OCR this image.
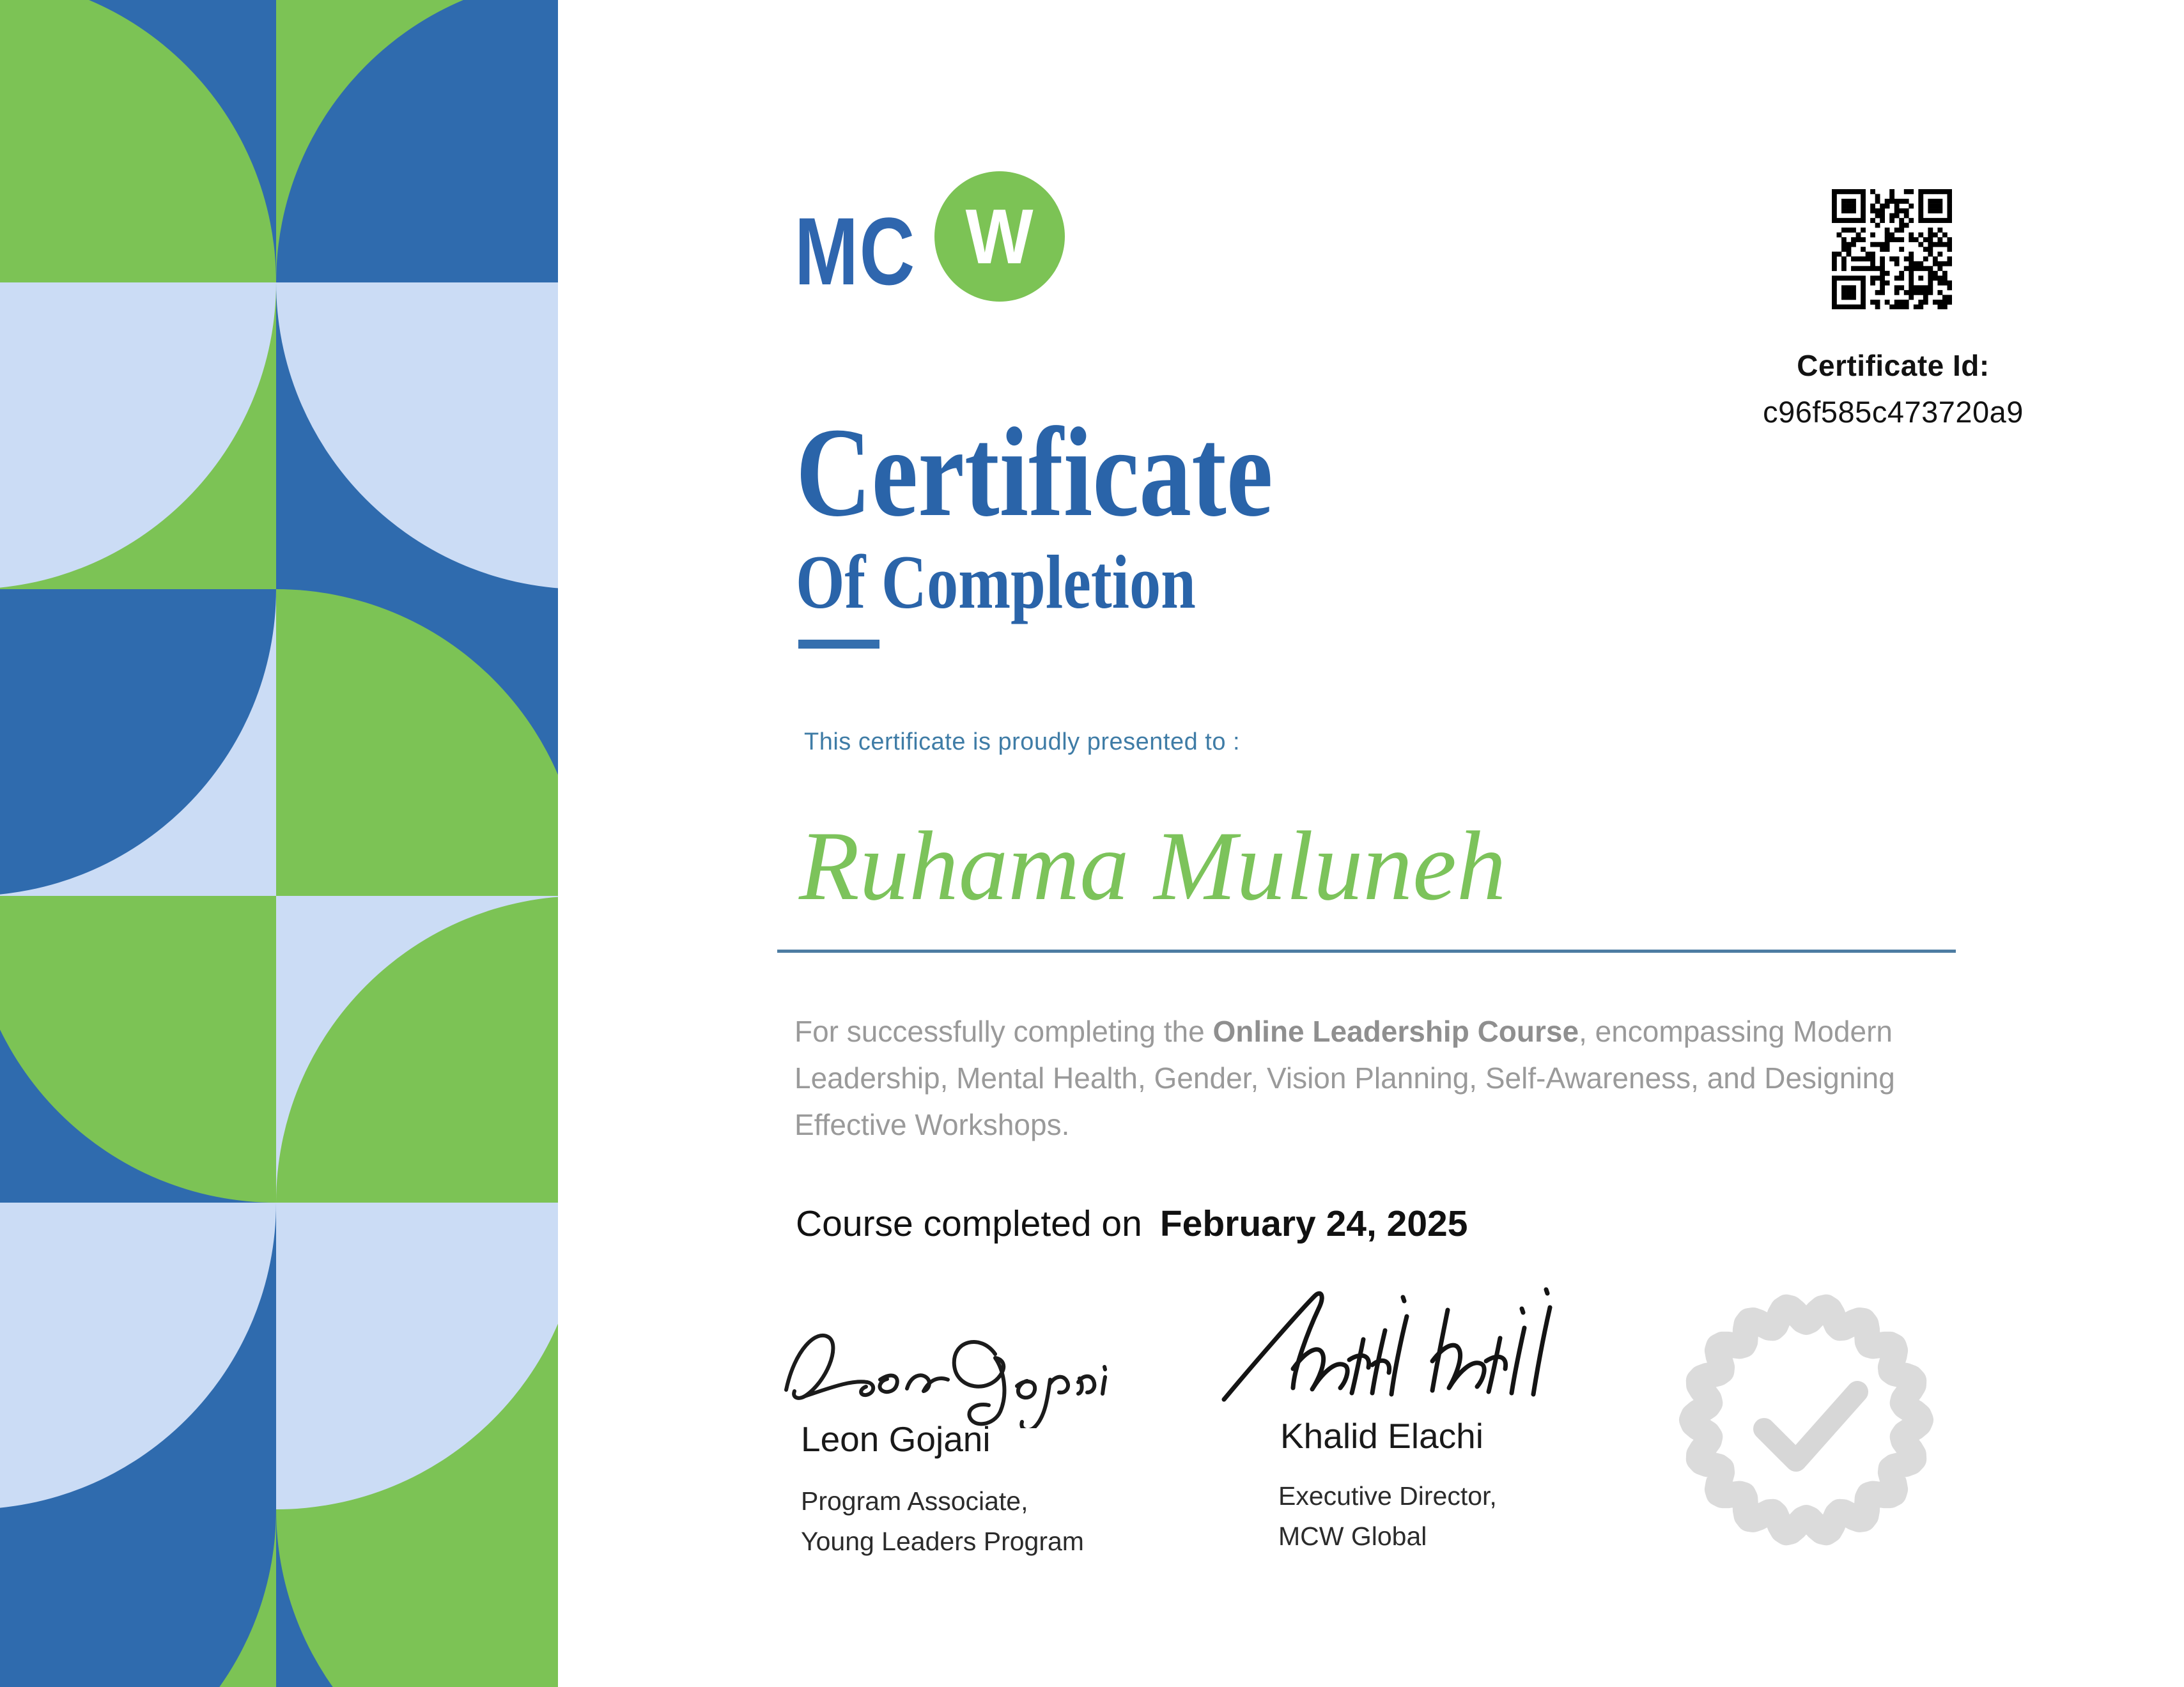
MC W
Certificate Id:
c96f585c473720a9
Certificate
Of Completion
This certificate is proudly presented to :
Ruhama Muluneh

For successfully completing the Online Leadership Course, encompassing Modern Leadership, Mental Health, Gender, Vision Planning, Self-Awareness, and Designing Effective Workshops.

Course completed on February 24, 2025
Leon Gojani	Khalid Elachi
Program Associate,
Young Leaders Program
Executive Director,
MCW Global
